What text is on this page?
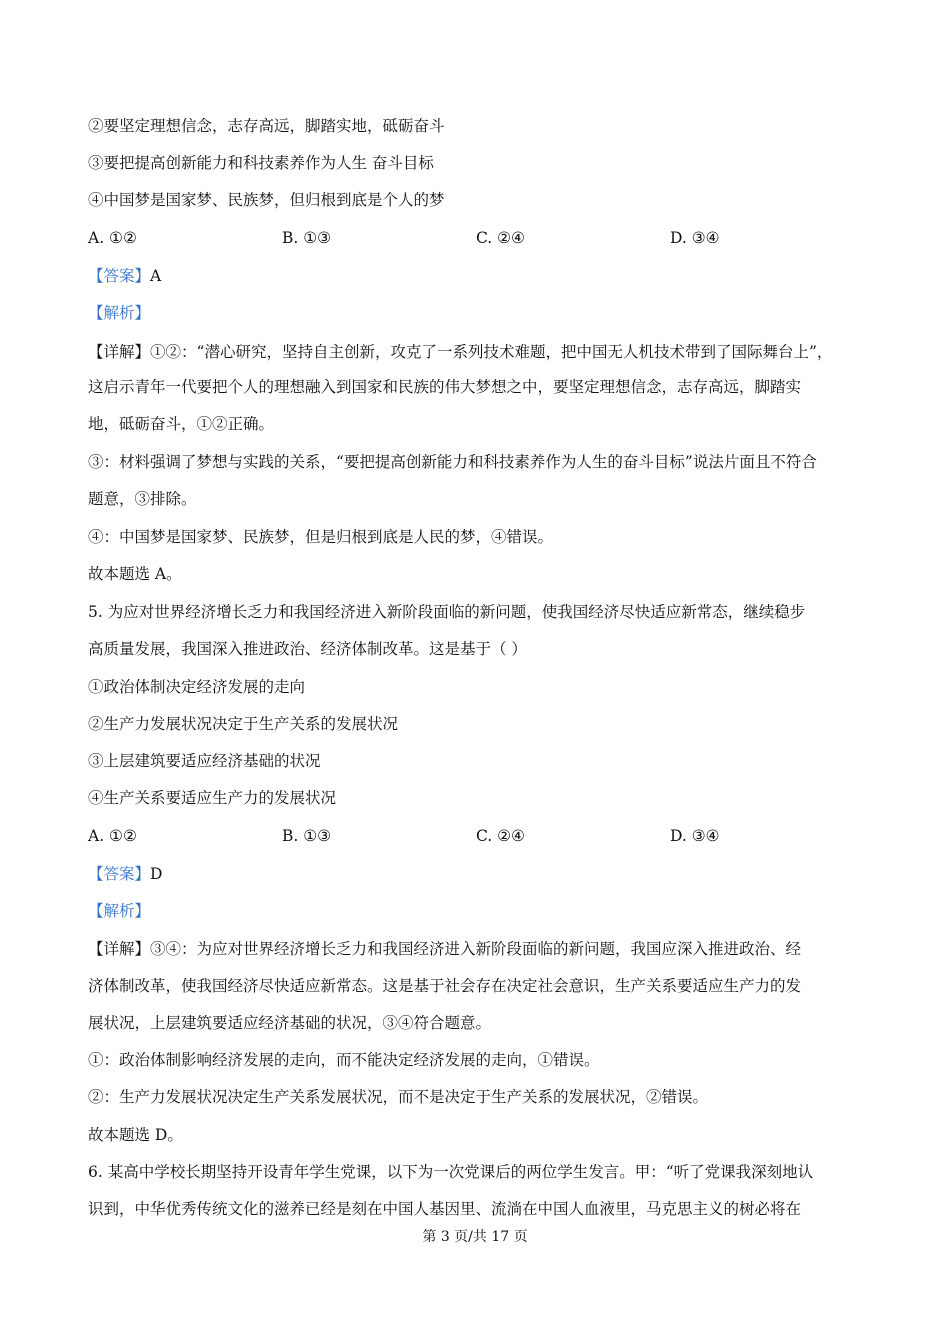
②要坚定理想信念，志存高远，脚踏实地，砥砺奋斗
③要把提高创新能力和科技素养作为人生 奋斗目标
④中国梦是国家梦、民族梦，但归根到底是个人的梦
A. ①②	B. ①③	C. ②④	D. ③④
【答案】A
【解析】
【详解】①②：“潜心研究，坚持自主创新，攻克了一系列技术难题，把中国无人机技术带到了国际舞台上”，
这启示青年一代要把个人的理想融入到国家和民族的伟大梦想之中，要坚定理想信念，志存高远，脚踏实
地，砥砺奋斗，①②正确。
③：材料强调了梦想与实践的关系，“要把提高创新能力和科技素养作为人生的奋斗目标”说法片面且不符合
题意，③排除。
④：中国梦是国家梦、民族梦，但是归根到底是人民的梦，④错误。
故本题选 A。
5. 为应对世界经济增长乏力和我国经济进入新阶段面临的新问题，使我国经济尽快适应新常态，继续稳步
高质量发展，我国深入推进政治、经济体制改革。这是基于（ ）
①政治体制决定经济发展的走向
②生产力发展状况决定于生产关系的发展状况
③上层建筑要适应经济基础的状况
④生产关系要适应生产力的发展状况
A. ①②	B. ①③	C. ②④	D. ③④
【答案】D
【解析】
【详解】③④：为应对世界经济增长乏力和我国经济进入新阶段面临的新问题，我国应深入推进政治、经
济体制改革，使我国经济尽快适应新常态。这是基于社会存在决定社会意识，生产关系要适应生产力的发
展状况，上层建筑要适应经济基础的状况，③④符合题意。
①：政治体制影响经济发展的走向，而不能决定经济发展的走向，①错误。
②：生产力发展状况决定生产关系发展状况，而不是决定于生产关系的发展状况，②错误。
故本题选 D。
6. 某高中学校长期坚持开设青年学生党课，以下为一次党课后的两位学生发言。甲：“听了党课我深刻地认
识到，中华优秀传统文化的滋养已经是刻在中国人基因里、流淌在中国人血液里，马克思主义的树必将在
第 3 页/共 17 页
